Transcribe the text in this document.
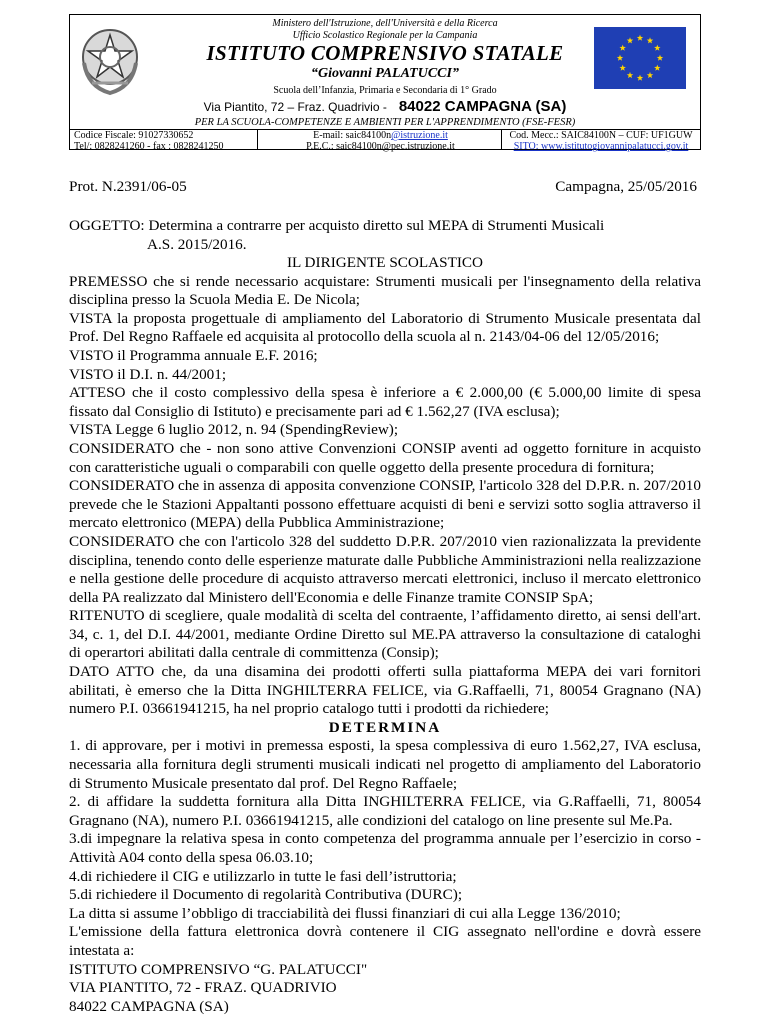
Ministero dell'Istruzione, dell'Università e della Ricerca
Ufficio Scolastico Regionale per la Campania
ISTITUTO COMPRENSIVO STATALE
“Giovanni PALATUCCI”
Scuola dell’Infanzia, Primaria e Secondaria di 1° Grado
Via Piantito, 72 – Fraz. Quadrivio - 84022 CAMPAGNA (SA)
PER LA SCUOLA-COMPETENZE E AMBIENTI PER L'APPRENDIMENTO (FSE-FESR)
Codice Fiscale: 91027330652
Tel/: 0828241260 - fax : 0828241250
E-mail: saic84100n@istruzione.it
P.E.C.: saic84100n@pec.istruzione.it
Cod. Mecc.: SAIC84100N – CUF: UF1GUW
SITO: www.istitutogiovannipalatucci.gov.it
Prot. N.2391/06-05	Campagna, 25/05/2016
OGGETTO: Determina a contrarre per acquisto diretto sul MEPA di Strumenti Musicali
A.S. 2015/2016.

IL DIRIGENTE SCOLASTICO

PREMESSO che si rende necessario acquistare: Strumenti musicali per l'insegnamento della relativa disciplina presso la Scuola Media E. De Nicola;

VISTA la proposta progettuale di ampliamento del Laboratorio di Strumento Musicale presentata dal Prof. Del Regno Raffaele ed acquisita al protocollo della scuola al n. 2143/04-06 del 12/05/2016;

VISTO il Programma annuale E.F. 2016;

VISTO il D.I. n. 44/2001;

ATTESO che il costo complessivo della spesa è inferiore a € 2.000,00 (€ 5.000,00 limite di spesa fissato dal Consiglio di Istituto) e precisamente pari ad € 1.562,27 (IVA esclusa);

VISTA Legge 6 luglio 2012, n. 94 (SpendingReview);

CONSIDERATO che - non sono attive Convenzioni CONSIP aventi ad oggetto forniture in acquisto con caratteristiche uguali o comparabili con quelle oggetto della presente procedura di fornitura;

CONSIDERATO che in assenza di apposita convenzione CONSIP, l'articolo 328 del D.P.R. n. 207/2010 prevede che le Stazioni Appaltanti possono effettuare acquisti di beni e servizi sotto soglia attraverso il mercato elettronico (MEPA) della Pubblica Amministrazione;

CONSIDERATO che con l'articolo 328 del suddetto D.P.R. 207/2010 vien razionalizzata la previdente disciplina, tenendo conto delle esperienze maturate dalle Pubbliche Amministrazioni nella realizzazione e nella gestione delle procedure di acquisto attraverso mercati elettronici, incluso il mercato elettronico della PA realizzato dal Ministero dell'Economia e delle Finanze tramite CONSIP SpA;

RITENUTO di scegliere, quale modalità di scelta del contraente, l’affidamento diretto, ai sensi dell'art. 34, c. 1, del D.I. 44/2001, mediante Ordine Diretto sul ME.PA attraverso la consultazione di cataloghi di operartori abilitati dalla centrale di committenza (Consip);

DATO ATTO che, da una disamina dei prodotti offerti sulla piattaforma MEPA dei vari fornitori abilitati, è emerso che la Ditta INGHILTERRA FELICE, via G.Raffaelli, 71, 80054 Gragnano (NA) numero P.I. 03661941215, ha nel proprio catalogo tutti i prodotti da richiedere;

DETERMINA

1. di approvare, per i motivi in premessa esposti, la spesa complessiva di euro 1.562,27, IVA esclusa, necessaria alla fornitura degli strumenti musicali indicati nel progetto di ampliamento del Laboratorio di Strumento Musicale presentato dal prof. Del Regno Raffaele;

2. di affidare la suddetta fornitura alla Ditta INGHILTERRA FELICE, via G.Raffaelli, 71, 80054 Gragnano (NA), numero P.I. 03661941215, alle condizioni del catalogo on line presente sul Me.Pa.

3.di impegnare la relativa spesa in conto competenza del programma annuale per l’esercizio in corso - Attività A04 conto della spesa 06.03.10;

4.di richiedere il CIG e utilizzarlo in tutte le fasi dell’istruttoria;

5.di richiedere il Documento di regolarità Contributiva (DURC);

La ditta si assume l’obbligo di tracciabilità dei flussi finanziari di cui alla Legge 136/2010;

L'emissione della fattura elettronica dovrà contenere il CIG assegnato nell'ordine e dovrà essere intestata a:

ISTITUTO COMPRENSIVO “G. PALATUCCI"

VIA PIANTITO, 72 - FRAZ. QUADRIVIO

84022 CAMPAGNA (SA)
